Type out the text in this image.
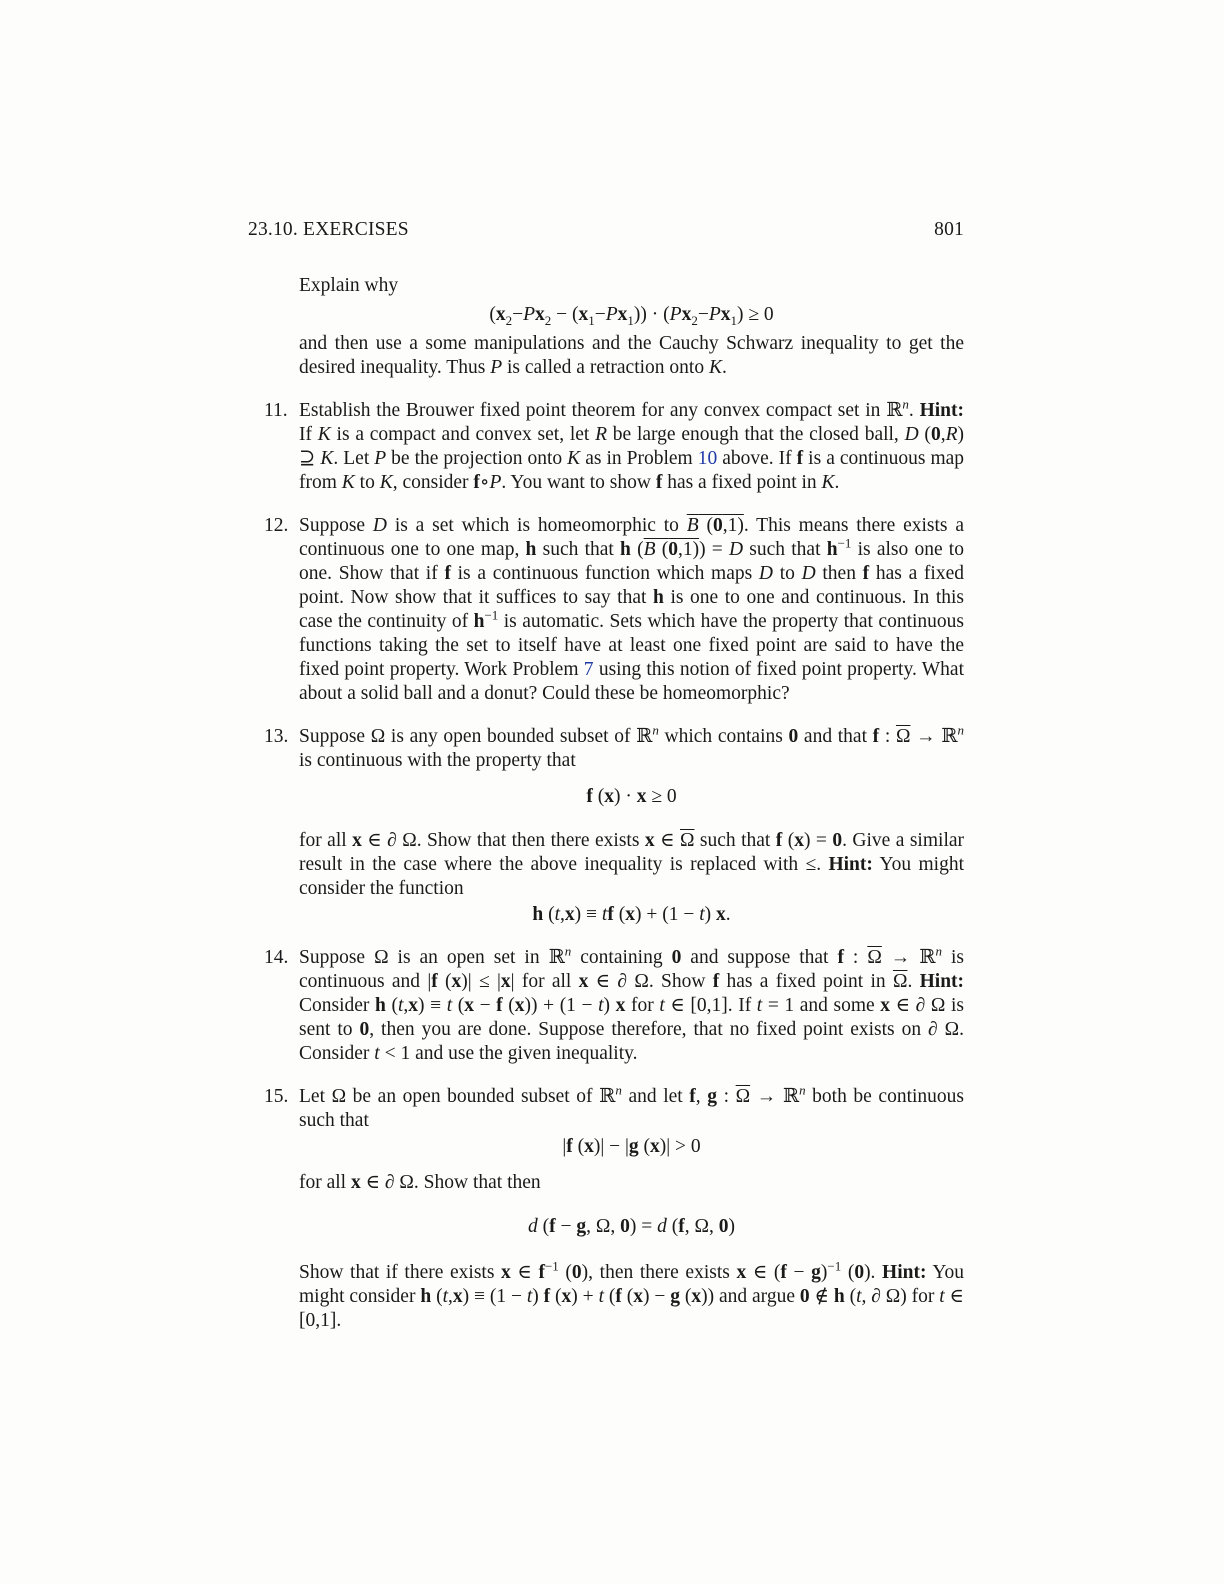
23.10. EXERCISES	801

Explain why

$(x_2-Px_2 - (x_1-Px_1)) \cdot (Px_2-Px_1) \ge 0$

and then use a some manipulations and the Cauchy Schwarz inequality to get the desired inequality. Thus P is called a retraction onto K.

11. Establish the Brouwer fixed point theorem for any convex compact set in ℝ$^n$. Hint: If K is a compact and convex set, let R be large enough that the closed ball, D (0,R) ⊇ K. Let P be the projection onto K as in Problem 10 above. If f is a continuous map from K to K, consider f∘P. You want to show f has a fixed point in K.

12. Suppose D is a set which is homeomorphic to B (0,1). This means there exists a continuous one to one map, h such that h (B (0,1)) = D such that $h^{-1}$ is also one to one. Show that if f is a continuous function which maps D to D then f has a fixed point. Now show that it suffices to say that h is one to one and continuous. In this case the continuity of $h^{-1}$ is automatic. Sets which have the property that continuous functions taking the set to itself have at least one fixed point are said to have the fixed point property. Work Problem 7 using this notion of fixed point property. What about a solid ball and a donut? Could these be homeomorphic?

13. Suppose Ω is any open bounded subset of ℝ$^n$ which contains 0 and that f : $\overline{\Omega}$ → ℝ$^n$ is continuous with the property that

f (x) · x ≥ 0

for all x ∈ ∂ Ω. Show that then there exists x ∈ $\overline{\Omega}$ such that f (x) = 0. Give a similar result in the case where the above inequality is replaced with ≤. Hint: You might consider the function

h (t,x) ≡ tf (x) + (1 − t) x.
14. Suppose Ω is an open set in ℝ$^n$ containing 0 and suppose that f : $\overline{\Omega}$ → ℝ$^n$ is continuous and |f (x)| ≤ |x| for all x ∈ ∂ Ω. Show f has a fixed point in $\overline{\Omega}$. Hint: Consider h (t,x) ≡ t (x − f (x)) + (1 − t) x for t ∈ [0,1]. If t = 1 and some x ∈ ∂ Ω is sent to 0, then you are done. Suppose therefore, that no fixed point exists on ∂ Ω. Consider t < 1 and use the given inequality.

15. Let Ω be an open bounded subset of ℝ$^n$ and let f, g : $\overline{\Omega}$ → ℝ$^n$ both be continuous such that

|f (x)| − |g (x)| > 0

for all x ∈ ∂ Ω. Show that then

d (f − g, Ω, 0) = d (f, Ω, 0)

Show that if there exists x ∈ $f^{-1}$ (0), then there exists x ∈ $(f - g)^{-1}$ (0). Hint: You might consider h (t,x) ≡ (1 − t) f (x) + t (f (x) − g (x)) and argue 0 ∉ h (t, ∂ Ω) for t ∈ [0,1].
